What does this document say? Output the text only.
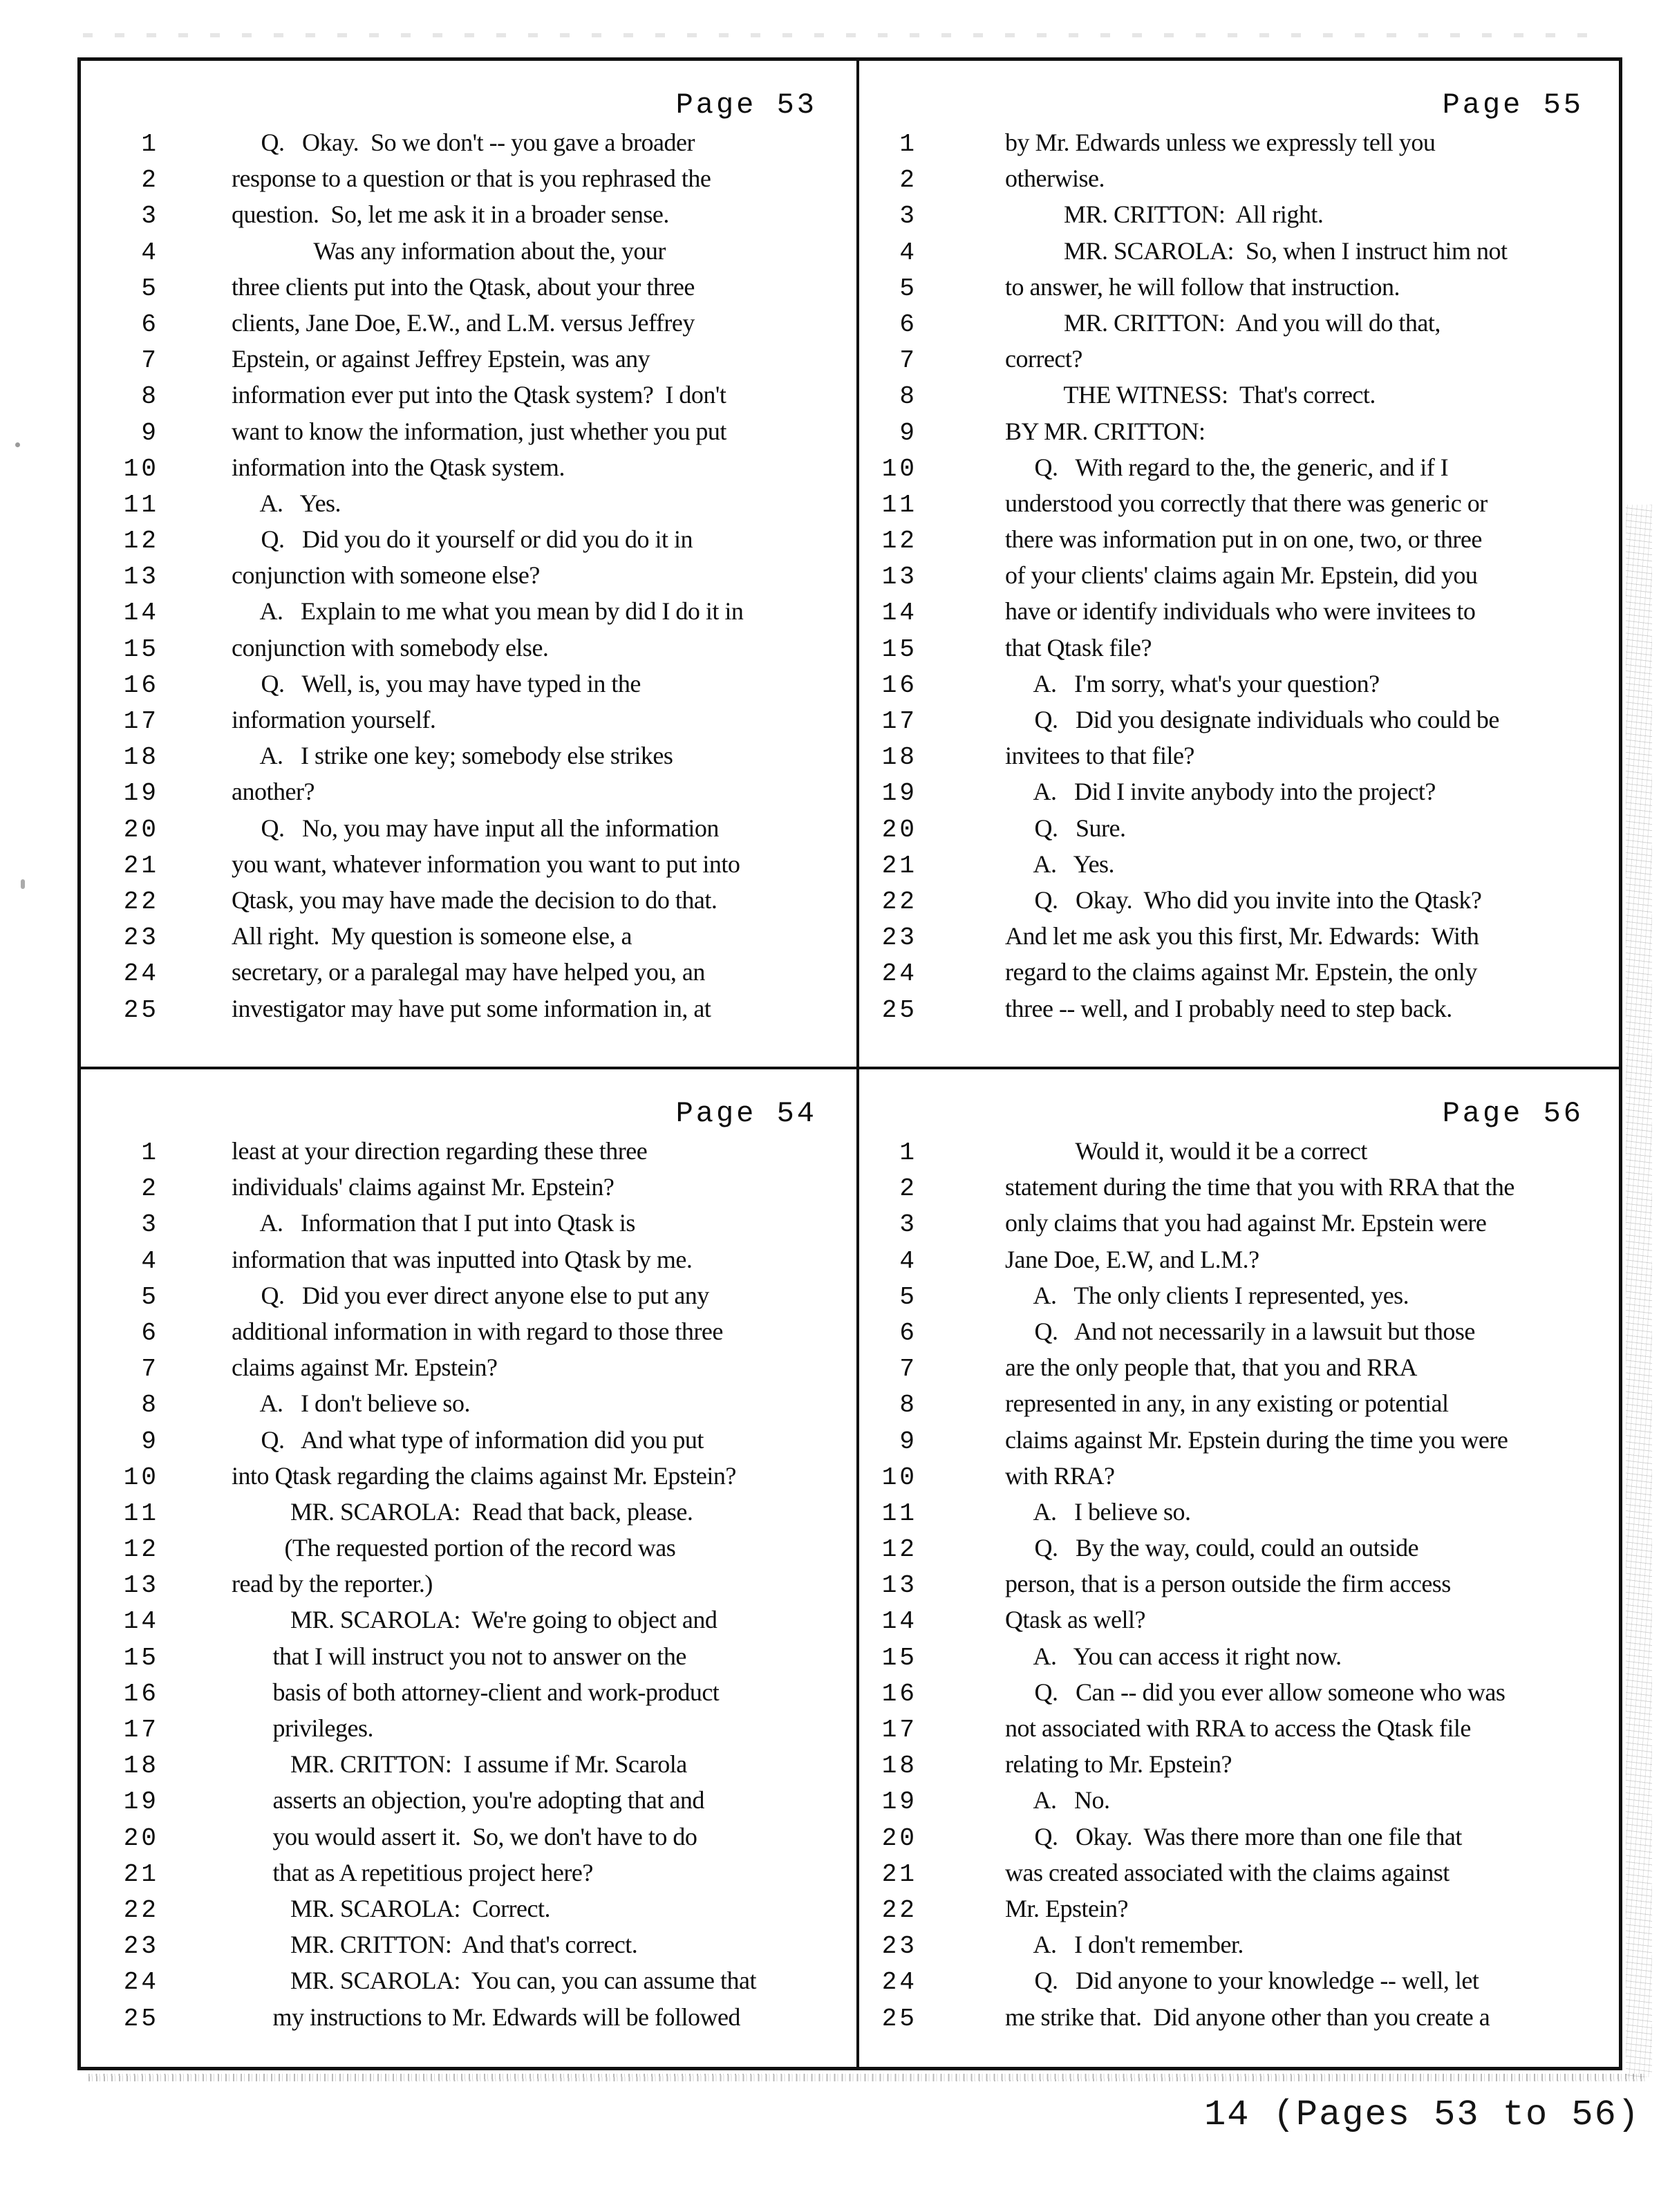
Page 53
1	Q.   Okay.  So we don't -- you gave a broader
2	response to a question or that is you rephrased the
3	question.  So, let me ask it in a broader sense.
4	Was any information about the, your
5	three clients put into the Qtask, about your three
6	clients, Jane Doe, E.W., and L.M. versus Jeffrey
7	Epstein, or against Jeffrey Epstein, was any
8	information ever put into the Qtask system?  I don't
9	want to know the information, just whether you put
10	information into the Qtask system.
11	A.   Yes.
12	Q.   Did you do it yourself or did you do it in
13	conjunction with someone else?
14	A.   Explain to me what you mean by did I do it in
15	conjunction with somebody else.
16	Q.   Well, is, you may have typed in the
17	information yourself.
18	A.   I strike one key; somebody else strikes
19	another?
20	Q.   No, you may have input all the information
21	you want, whatever information you want to put into
22	Qtask, you may have made the decision to do that.
23	All right.  My question is someone else, a
24	secretary, or a paralegal may have helped you, an
25	investigator may have put some information in, at
Page 55
1	by Mr. Edwards unless we expressly tell you
2	otherwise.
3	MR. CRITTON:  All right.
4	MR. SCAROLA:  So, when I instruct him not
5	to answer, he will follow that instruction.
6	MR. CRITTON:  And you will do that,
7	correct?
8	THE WITNESS:  That's correct.
9	BY MR. CRITTON:
10	Q.   With regard to the, the generic, and if I
11	understood you correctly that there was generic or
12	there was information put in on one, two, or three
13	of your clients' claims again Mr. Epstein, did you
14	have or identify individuals who were invitees to
15	that Qtask file?
16	A.   I'm sorry, what's your question?
17	Q.   Did you designate individuals who could be
18	invitees to that file?
19	A.   Did I invite anybody into the project?
20	Q.   Sure.
21	A.   Yes.
22	Q.   Okay.  Who did you invite into the Qtask?
23	And let me ask you this first, Mr. Edwards:  With
24	regard to the claims against Mr. Epstein, the only
25	three -- well, and I probably need to step back.
Page 54
1	least at your direction regarding these three
2	individuals' claims against Mr. Epstein?
3	A.   Information that I put into Qtask is
4	information that was inputted into Qtask by me.
5	Q.   Did you ever direct anyone else to put any
6	additional information in with regard to those three
7	claims against Mr. Epstein?
8	A.   I don't believe so.
9	Q.   And what type of information did you put
10	into Qtask regarding the claims against Mr. Epstein?
11	MR. SCAROLA:  Read that back, please.
12	(The requested portion of the record was
13	read by the reporter.)
14	MR. SCAROLA:  We're going to object and
15	that I will instruct you not to answer on the
16	basis of both attorney-client and work-product
17	privileges.
18	MR. CRITTON:  I assume if Mr. Scarola
19	asserts an objection, you're adopting that and
20	you would assert it.  So, we don't have to do
21	that as A repetitious project here?
22	MR. SCAROLA:  Correct.
23	MR. CRITTON:  And that's correct.
24	MR. SCAROLA:  You can, you can assume that
25	my instructions to Mr. Edwards will be followed
Page 56
1	Would it, would it be a correct
2	statement during the time that you with RRA that the
3	only claims that you had against Mr. Epstein were
4	Jane Doe, E.W, and L.M.?
5	A.   The only clients I represented, yes.
6	Q.   And not necessarily in a lawsuit but those
7	are the only people that, that you and RRA
8	represented in any, in any existing or potential
9	claims against Mr. Epstein during the time you were
10	with RRA?
11	A.   I believe so.
12	Q.   By the way, could, could an outside
13	person, that is a person outside the firm access
14	Qtask as well?
15	A.   You can access it right now.
16	Q.   Can -- did you ever allow someone who was
17	not associated with RRA to access the Qtask file
18	relating to Mr. Epstein?
19	A.   No.
20	Q.   Okay.  Was there more than one file that
21	was created associated with the claims against
22	Mr. Epstein?
23	A.   I don't remember.
24	Q.   Did anyone to your knowledge -- well, let
25	me strike that.  Did anyone other than you create a
14 (Pages 53 to 56)
